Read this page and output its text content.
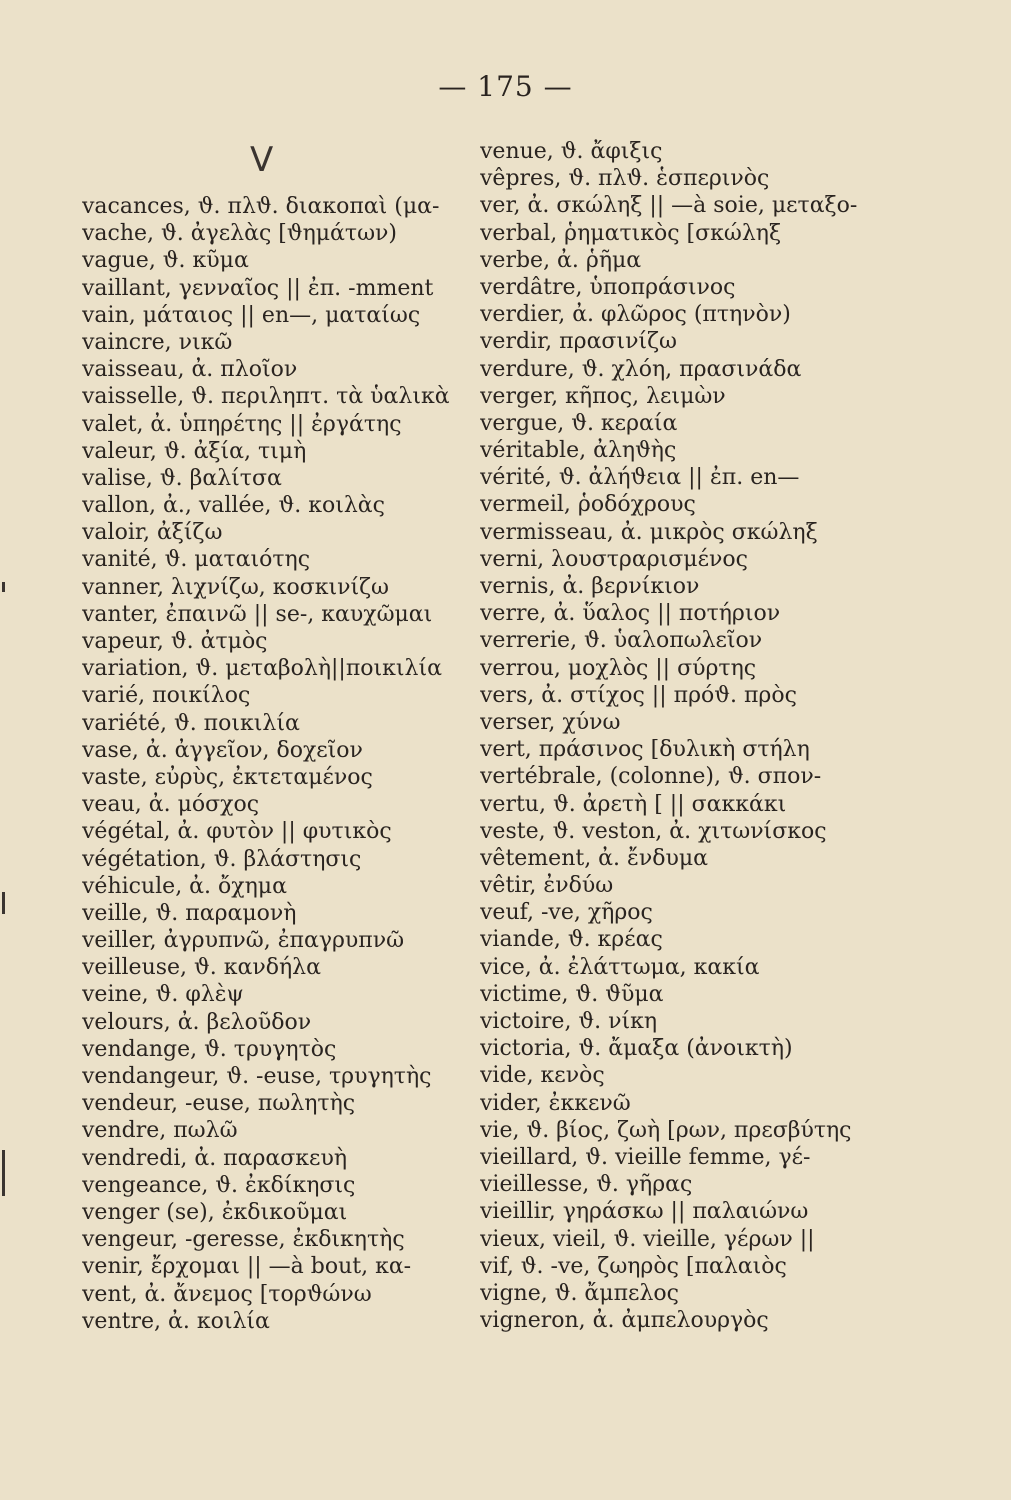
— 175 —
V
vacances, ϑ. πλϑ. διακοπαὶ (μα-
vache, ϑ. ἀγελὰς [ϑημάτων)
vague, ϑ. κῦμα
vaillant, γενναῖος || ἐπ. -mment
vain, μάταιος || en—, ματαίως
vaincre, νικῶ
vaisseau, ἀ. πλοῖον
vaisselle, ϑ. περιληπτ. τὰ ὑαλικὰ
valet, ἀ. ὑπηρέτης || ἐργάτης
valeur, ϑ. ἀξία, τιμὴ
valise, ϑ. βαλίτσα
vallon, ἀ., vallée, ϑ. κοιλὰς
valoir, ἀξίζω
vanité, ϑ. ματαιότης
vanner, λιχνίζω, κοσκινίζω
vanter, ἐπαινῶ || se-, καυχῶμαι
vapeur, ϑ. ἀτμὸς
variation, ϑ. μεταβολὴ||ποικιλία
varié, ποικίλος
variété, ϑ. ποικιλία
vase, ἀ. ἀγγεῖον, δοχεῖον
vaste, εὐρὺς, ἐκτεταμένος
veau, ἀ. μόσχος
végétal, ἀ. φυτὸν || φυτικὸς
végétation, ϑ. βλάστησις
véhicule, ἀ. ὄχημα
veille, ϑ. παραμονὴ
veiller, ἀγρυπνῶ, ἐπαγρυπνῶ
veilleuse, ϑ. κανδήλα
veine, ϑ. φλὲψ
velours, ἀ. βελοῦδον
vendange, ϑ. τρυγητὸς
vendangeur, ϑ. -euse, τρυγητὴς
vendeur, -euse, πωλητὴς
vendre, πωλῶ
vendredi, ἀ. παρασκευὴ
vengeance, ϑ. ἐκδίκησις
venger (se), ἐκδικοῦμαι
vengeur, -geresse, ἐκδικητὴς
venir, ἔρχομαι || —à bout, κα-
vent, ἀ. ἄνεμος [τορϑώνω
ventre, ἀ. κοιλία
venue, ϑ. ἄφιξις
vêpres, ϑ. πλϑ. ἑσπερινὸς
ver, ἀ. σκώληξ || —à soie, μεταξο-
verbal, ῥηματικὸς [σκώληξ
verbe, ἀ. ῥῆμα
verdâtre, ὑποπράσινος
verdier, ἀ. φλῶρος (πτηνὸν)
verdir, πρασινίζω
verdure, ϑ. χλόη, πρασινάδα
verger, κῆπος, λειμὼν
vergue, ϑ. κεραία
véritable, ἀληϑὴς
vérité, ϑ. ἀλήϑεια || ἐπ. en—
vermeil, ῥοδόχρους
vermisseau, ἀ. μικρὸς σκώληξ
verni, λουστραρισμένος
vernis, ἀ. βερνίκιον
verre, ἀ. ὕαλος || ποτήριον
verrerie, ϑ. ὑαλοπωλεῖον
verrou, μοχλὸς || σύρτης
vers, ἀ. στίχος || πρόϑ. πρὸς
verser, χύνω
vert, πράσινος [δυλικὴ στήλη
vertébrale, (colonne), ϑ. σπον-
vertu, ϑ. ἀρετὴ [ || σακκάκι
veste, ϑ. veston, ἀ. χιτωνίσκος
vêtement, ἀ. ἔνδυμα
vêtir, ἐνδύω
veuf, -ve, χῆρος
viande, ϑ. κρέας
vice, ἀ. ἐλάττωμα, κακία
victime, ϑ. ϑῦμα
victoire, ϑ. νίκη
victoria, ϑ. ἄμαξα (ἀνοικτὴ)
vide, κενὸς
vider, ἐκκενῶ
vie, ϑ. βίος, ζωὴ [ρων, πρεσβύτης
vieillard, ϑ. vieille femme, γέ-
vieillesse, ϑ. γῆρας
vieillir, γηράσκω || παλαιώνω
vieux, vieil, ϑ. vieille, γέρων ||
vif, ϑ. -ve, ζωηρὸς [παλαιὸς
vigne, ϑ. ἄμπελος
vigneron, ἀ. ἀμπελουργὸς
